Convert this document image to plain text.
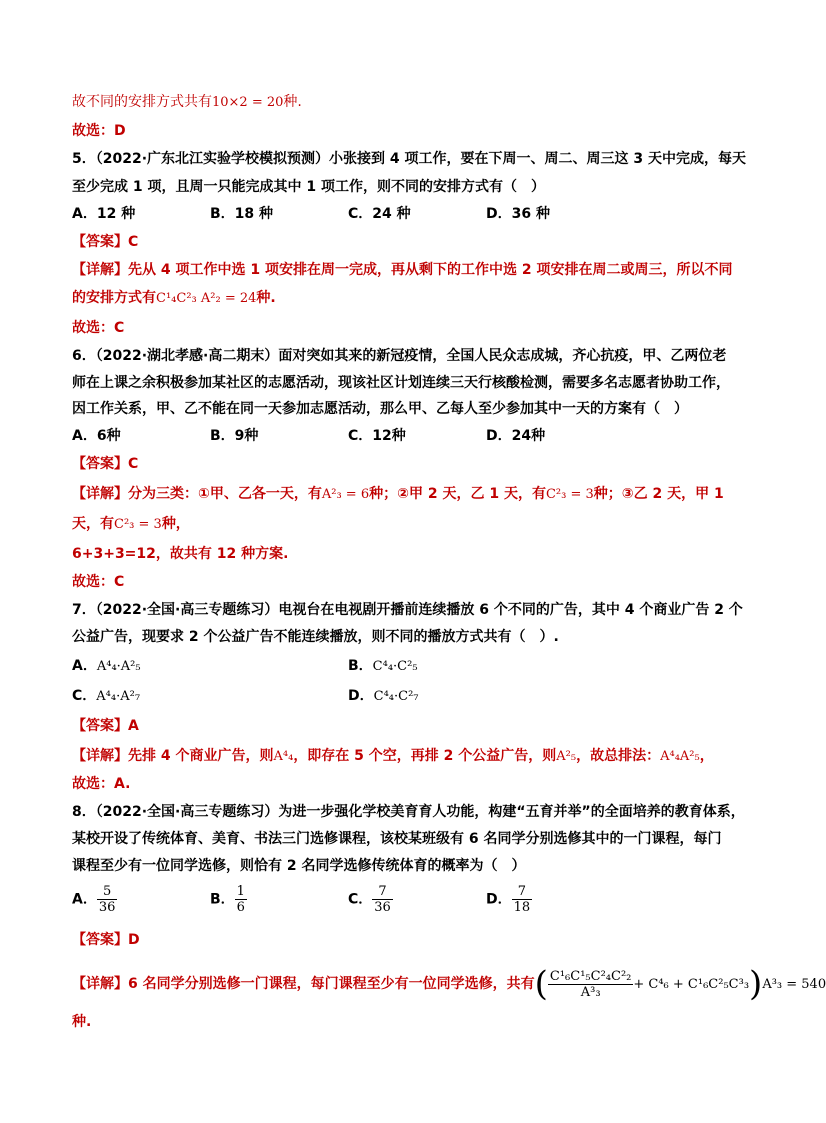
故不同的安排方式共有10×2 = 20种.
故选：D
5．（2022·广东北江实验学校模拟预测）小张接到 4 项工作，要在下周一、周二、周三这 3 天中完成，每天
至少完成 1 项，且周一只能完成其中 1 项工作，则不同的安排方式有（　）
A．12 种	B．18 种	C．24 种	D．36 种
【答案】C
【详解】先从 4 项工作中选 1 项安排在周一完成，再从剩下的工作中选 2 项安排在周二或周三，所以不同
的安排方式有C¹₄C²₃ A²₂ = 24种.
故选：C
6．（2022·湖北孝感·高二期末）面对突如其来的新冠疫情，全国人民众志成城，齐心抗疫，甲、乙两位老
师在上课之余积极参加某社区的志愿活动，现该社区计划连续三天行核酸检测，需要多名志愿者协助工作，
因工作关系，甲、乙不能在同一天参加志愿活动，那么甲、乙每人至少参加其中一天的方案有（　）
A．6种	B．9种	C．12种	D．24种
【答案】C
【详解】分为三类：①甲、乙各一天，有A²₃ = 6种；②甲 2 天，乙 1 天，有C²₃ = 3种；③乙 2 天，甲 1
天，有C²₃ = 3种，
6+3+3=12，故共有 12 种方案.
故选：C
7．（2022·全国·高三专题练习）电视台在电视剧开播前连续播放 6 个不同的广告，其中 4 个商业广告 2 个
公益广告，现要求 2 个公益广告不能连续播放，则不同的播放方式共有（　）.
A．A⁴₄·A²₅	B．C⁴₄·C²₅
C．A⁴₄·A²₇	D．C⁴₄·C²₇
【答案】A
【详解】先排 4 个商业广告，则A⁴₄，即存在 5 个空，再排 2 个公益广告，则A²₅，故总排法：A⁴₄A²₅，
故选：A.
8．（2022·全国·高三专题练习）为进一步强化学校美育育人功能，构建“五育并举”的全面培养的教育体系，
某校开设了传统体育、美育、书法三门选修课程，该校某班级有 6 名同学分别选修其中的一门课程，每门
课程至少有一位同学选修，则恰有 2 名同学选修传统体育的概率为（　）
A． $\frac{5}{36}$	B． $\frac{1}{6}$	C． $\frac{7}{36}$	D． $\frac{7}{18}$
【答案】D
【详解】6 名同学分别选修一门课程，每门课程至少有一位同学选修，共有( $\frac{\text{C¹₆C¹₅C²₄C²₂}}{\text{A³₃}} + C^4_6 + C^1_6C^2_5C^3_3)A^3_3 = 540$
种.
